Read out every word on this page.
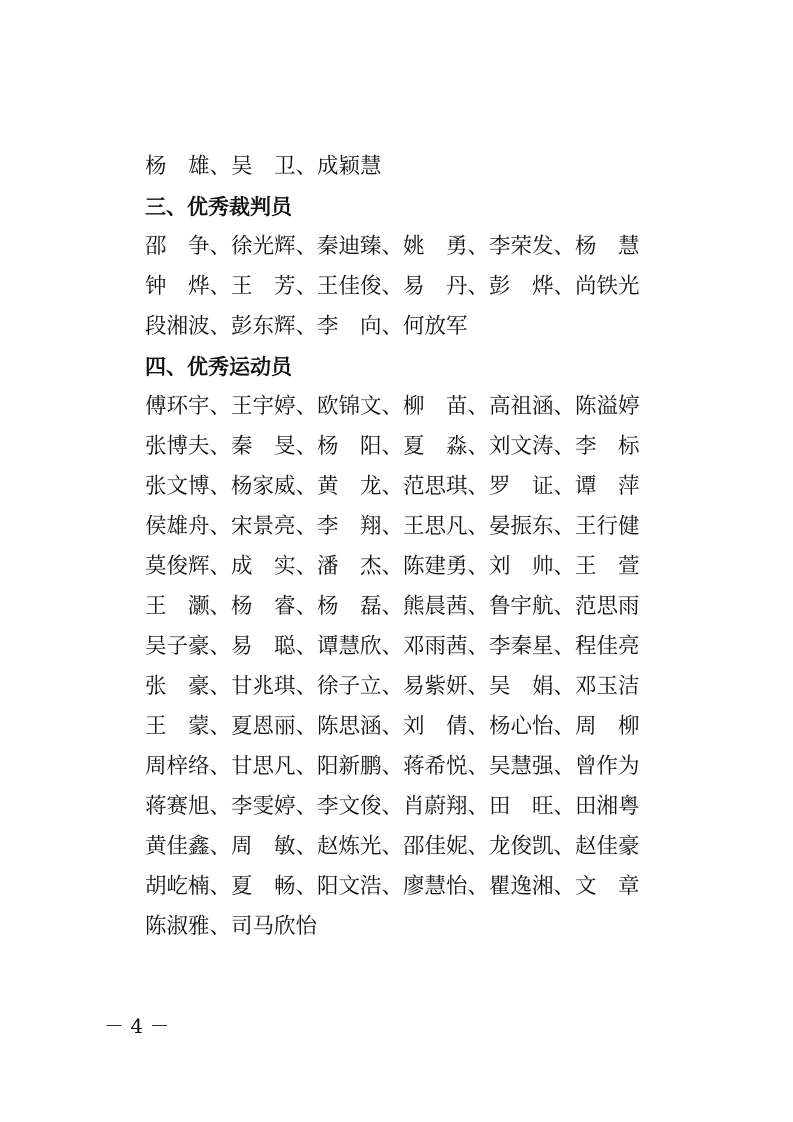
杨　雄、吴　卫、成颖慧
三、优秀裁判员
邵　争、徐光辉、秦迪臻、姚　勇、李荣发、杨　慧
钟　烨、王　芳、王佳俊、易　丹、彭　烨、尚铁光
段湘波、彭东辉、李　向、何放军
四、优秀运动员
傅环宇、王宇婷、欧锦文、柳　苗、高祖涵、陈溢婷
张博夫、秦　旻、杨　阳、夏　淼、刘文涛、李　标
张文博、杨家威、黄　龙、范思琪、罗　证、谭　萍
侯雄舟、宋景亮、李　翔、王思凡、晏振东、王行健
莫俊辉、成　实、潘　杰、陈建勇、刘　帅、王　萱
王　灏、杨　睿、杨　磊、熊晨茜、鲁宇航、范思雨
吴子豪、易　聪、谭慧欣、邓雨茜、李秦星、程佳亮
张　豪、甘兆琪、徐子立、易紫妍、吴　娟、邓玉洁
王　蒙、夏恩丽、陈思涵、刘　倩、杨心怡、周　柳
周梓络、甘思凡、阳新鹏、蒋希悦、吴慧强、曾作为
蒋赛旭、李雯婷、李文俊、肖蔚翔、田　旺、田湘粤
黄佳鑫、周　敏、赵炼光、邵佳妮、龙俊凯、赵佳豪
胡屹楠、夏　畅、阳文浩、廖慧怡、瞿逸湘、文　章
陈淑雅、司马欣怡
－ 4 －
